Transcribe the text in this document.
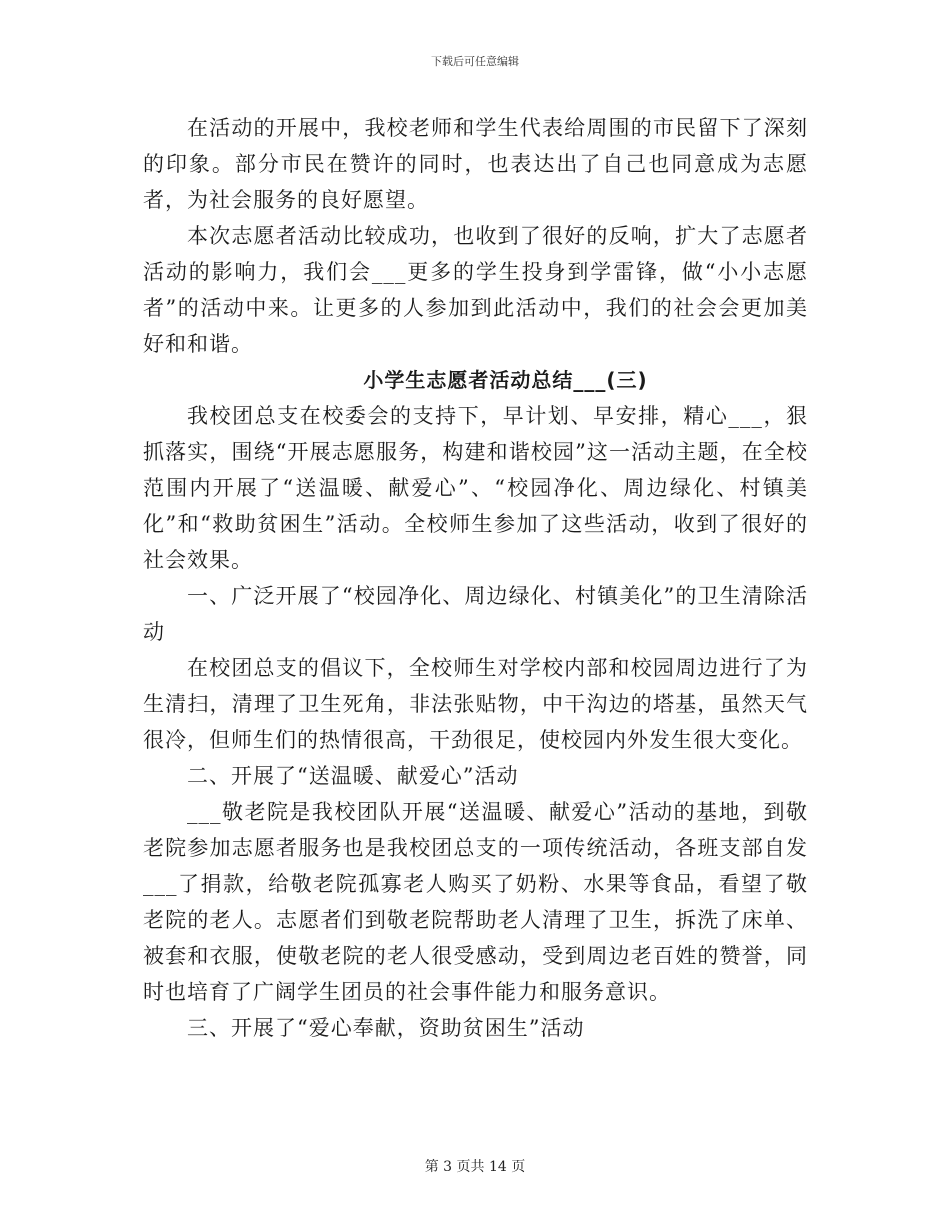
下载后可任意编辑

在活动的开展中，我校老师和学生代表给周围的市民留下了深刻的印象。部分市民在赞许的同时，也表达出了自己也同意成为志愿者，为社会服务的良好愿望。

本次志愿者活动比较成功，也收到了很好的反响，扩大了志愿者活动的影响力，我们会___更多的学生投身到学雷锋，做“小小志愿者”的活动中来。让更多的人参加到此活动中，我们的社会会更加美好和和谐。

小学生志愿者活动总结___(三)

我校团总支在校委会的支持下，早计划、早安排，精心___，狠抓落实，围绕“开展志愿服务，构建和谐校园”这一活动主题，在全校范围内开展了“送温暖、献爱心”、“校园净化、周边绿化、村镇美化”和“救助贫困生”活动。全校师生参加了这些活动，收到了很好的社会效果。

一、广泛开展了“校园净化、周边绿化、村镇美化”的卫生清除活动

在校团总支的倡议下，全校师生对学校内部和校园周边进行了为生清扫，清理了卫生死角，非法张贴物，中干沟边的塔基，虽然天气很冷，但师生们的热情很高，干劲很足，使校园内外发生很大变化。

二、开展了“送温暖、献爱心”活动

___敬老院是我校团队开展“送温暖、献爱心”活动的基地，到敬老院参加志愿者服务也是我校团总支的一项传统活动，各班支部自发___了捐款，给敬老院孤寡老人购买了奶粉、水果等食品，看望了敬老院的老人。志愿者们到敬老院帮助老人清理了卫生，拆洗了床单、被套和衣服，使敬老院的老人很受感动，受到周边老百姓的赞誉，同时也培育了广阔学生团员的社会事件能力和服务意识。

三、开展了“爱心奉献，资助贫困生”活动

第 3 页共 14 页
